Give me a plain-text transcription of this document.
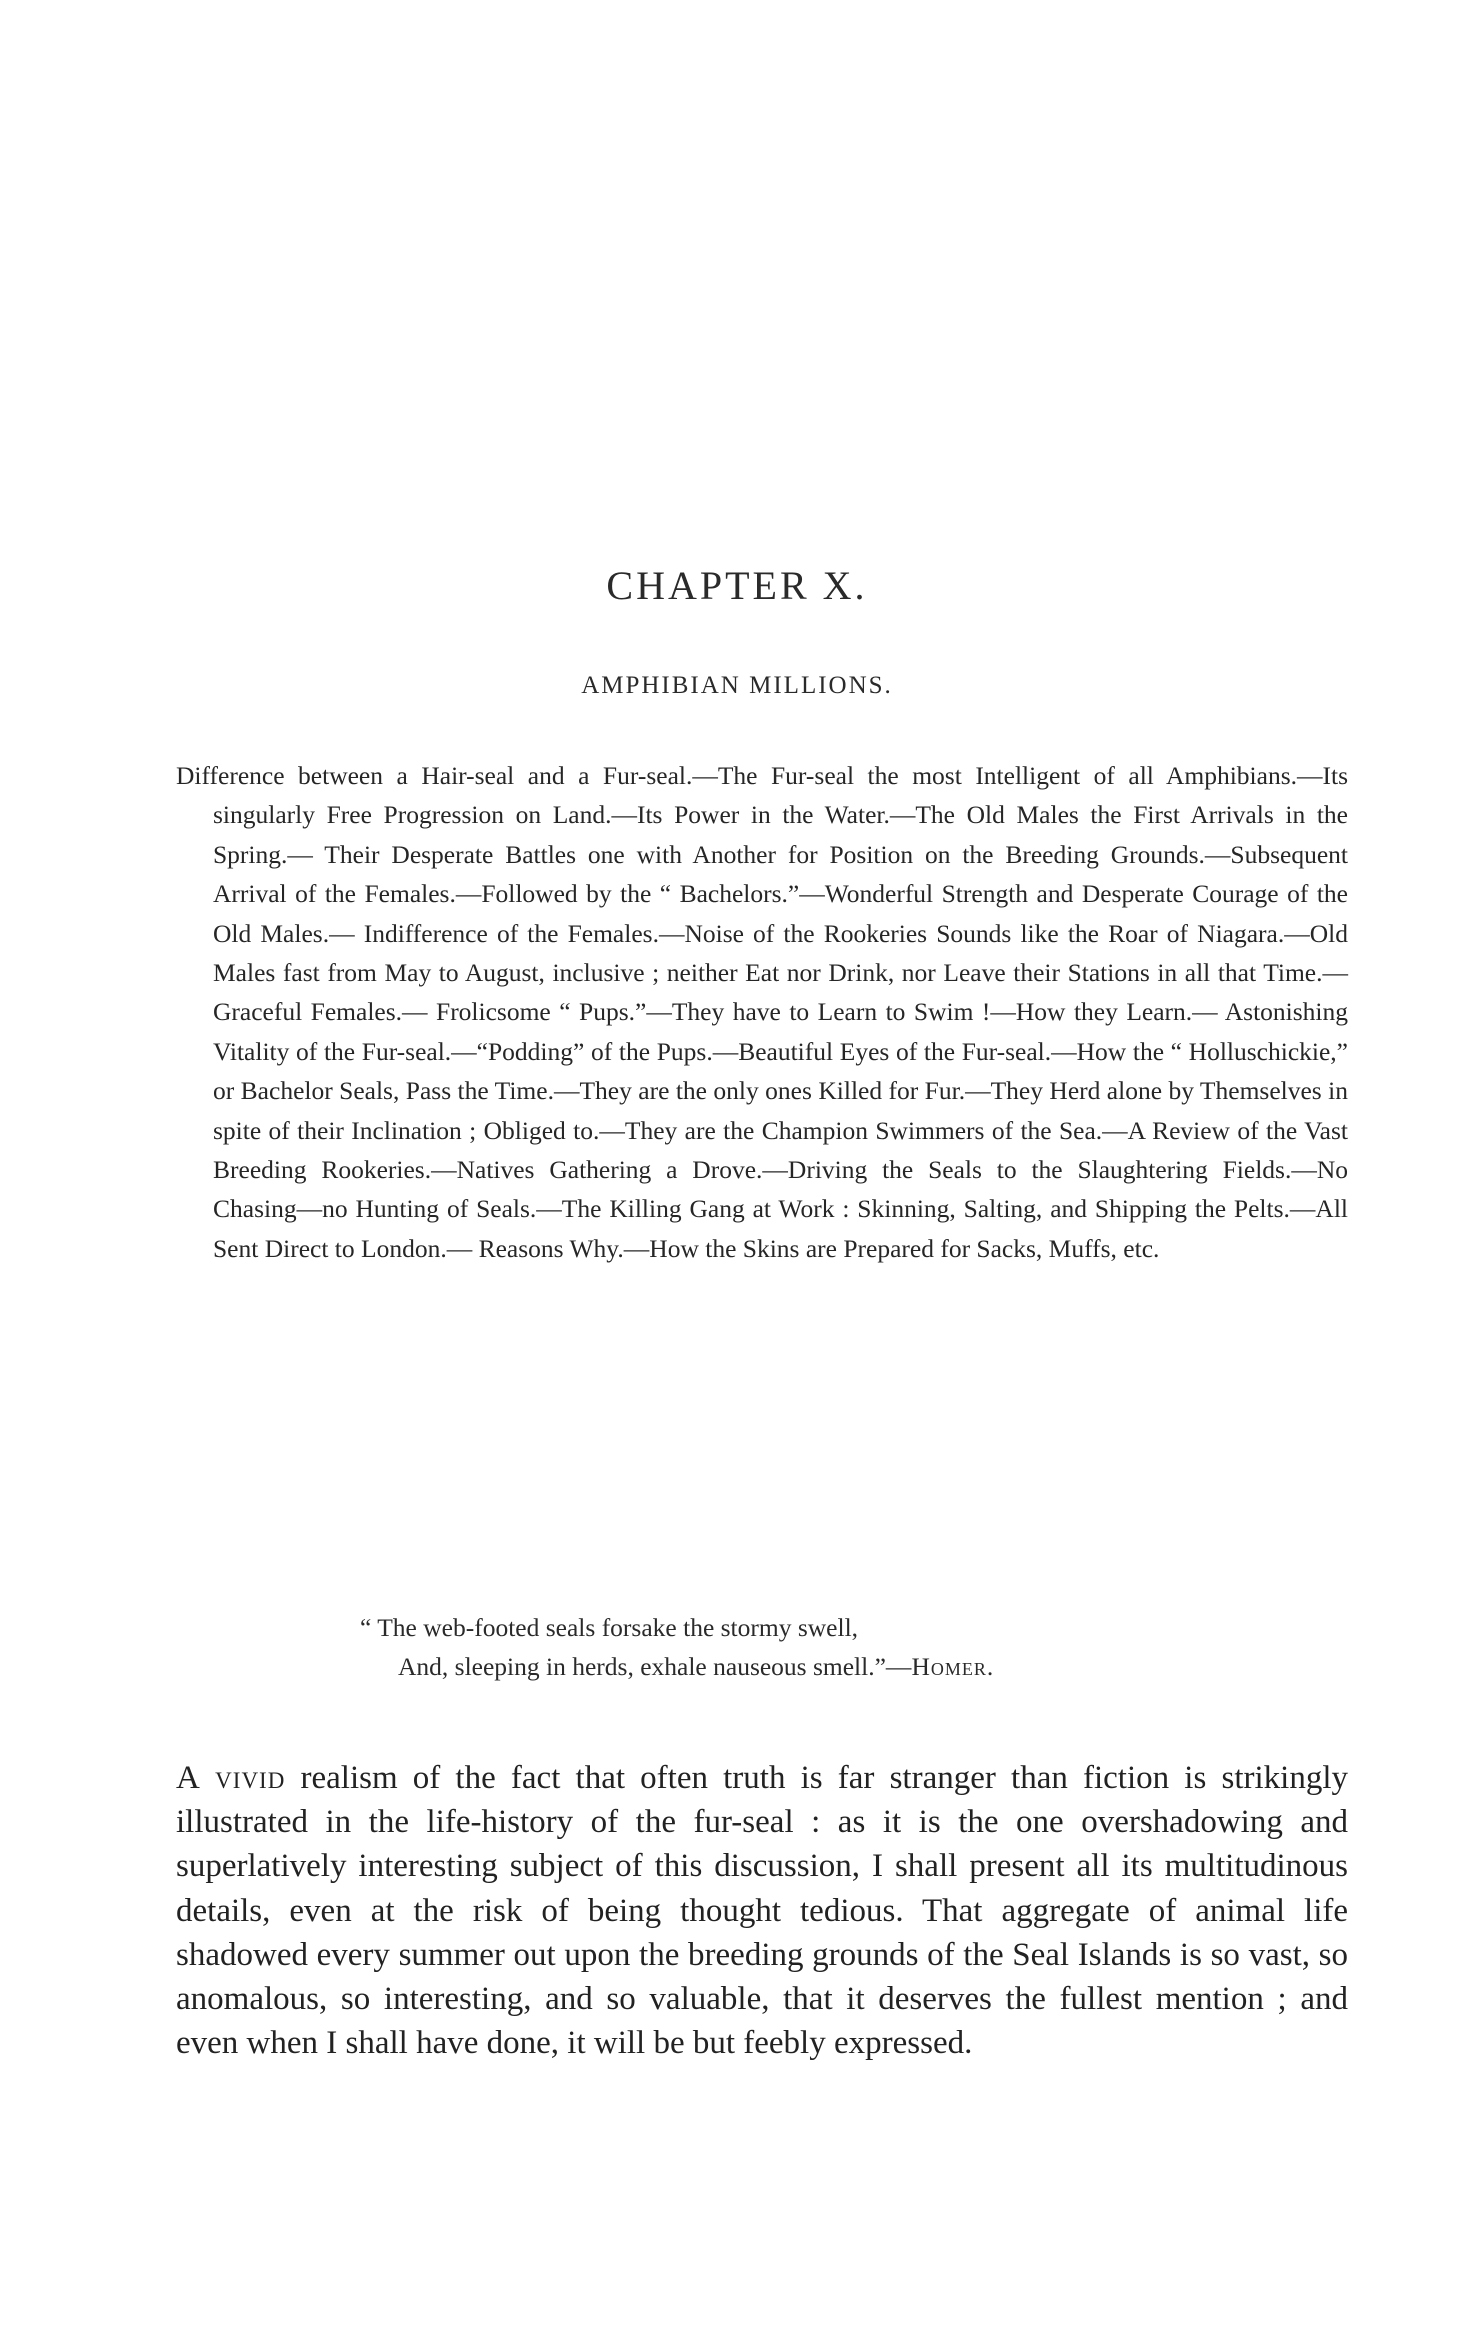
CHAPTER X.
AMPHIBIAN MILLIONS.

Difference between a Hair-seal and a Fur-seal.—The Fur-seal the most Intelligent of all Amphibians.—Its singularly Free Progression on Land.—Its Power in the Water.—The Old Males the First Arrivals in the Spring.— Their Desperate Battles one with Another for Position on the Breeding Grounds.—Subsequent Arrival of the Females.—Followed by the “ Bachelors.”—Wonderful Strength and Desperate Courage of the Old Males.— Indifference of the Females.—Noise of the Rookeries Sounds like the Roar of Niagara.—Old Males fast from May to August, inclusive ; neither Eat nor Drink, nor Leave their Stations in all that Time.—Graceful Females.— Frolicsome “ Pups.”—They have to Learn to Swim !—How they Learn.— Astonishing Vitality of the Fur-seal.—“Podding” of the Pups.—Beautiful Eyes of the Fur-seal.—How the “ Holluschickie,” or Bachelor Seals, Pass the Time.—They are the only ones Killed for Fur.—They Herd alone by Themselves in spite of their Inclination ; Obliged to.—They are the Champion Swimmers of the Sea.—A Review of the Vast Breeding Rookeries.—Natives Gathering a Drove.—Driving the Seals to the Slaughtering Fields.—No Chasing—no Hunting of Seals.—The Killing Gang at Work : Skinning, Salting, and Shipping the Pelts.—All Sent Direct to London.— Reasons Why.—How the Skins are Prepared for Sacks, Muffs, etc.

“ The web-footed seals forsake the stormy swell,
And, sleeping in herds, exhale nauseous smell.”—Homer.

A vivid realism of the fact that often truth is far stranger than fiction is strikingly illustrated in the life-history of the fur-seal : as it is the one overshadowing and superlatively interesting subject of this discussion, I shall present all its multitudinous details, even at the risk of being thought tedious. That aggregate of animal life shadowed every summer out upon the breeding grounds of the Seal Islands is so vast, so anomalous, so interesting, and so valuable, that it deserves the fullest mention ; and even when I shall have done, it will be but feebly expressed.
